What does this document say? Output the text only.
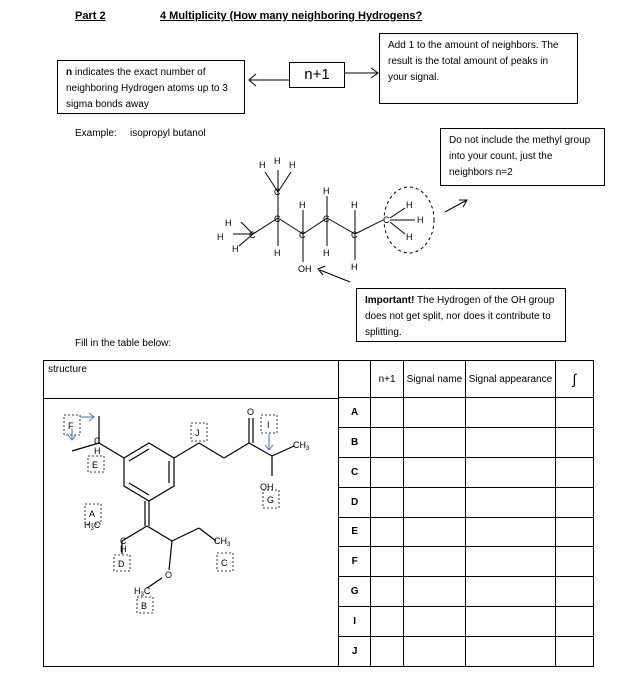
Part 2	4 Multiplicity (How many neighboring Hydrogens?
n indicates the exact number of neighboring Hydrogen atoms up to 3 sigma bonds away
n+1
Add 1 to the amount of neighbors. The result is the total amount of peaks in your signal.
Example: isopropyl butanol
Do not include the methyl group into your count, just the neighbors n=2
H H H
C
H
H
H
C
C
H
H
C
H
C
H
H
C
H
C
H
H
H
OH
Important! The Hydrogen of the OH group does not get split, nor does it contribute to splitting.
Fill in the table below:
structure
	n+1	Signal name	Signal appearance	∫
A				
B				
C				
D				
E				
F				
G				
I				
J				
F
E
A
D
B
C
J
I
G
C
H
O
OH
$CH_3$
$H_3C$
C
H
$CH_3$
O
$H_3C$
